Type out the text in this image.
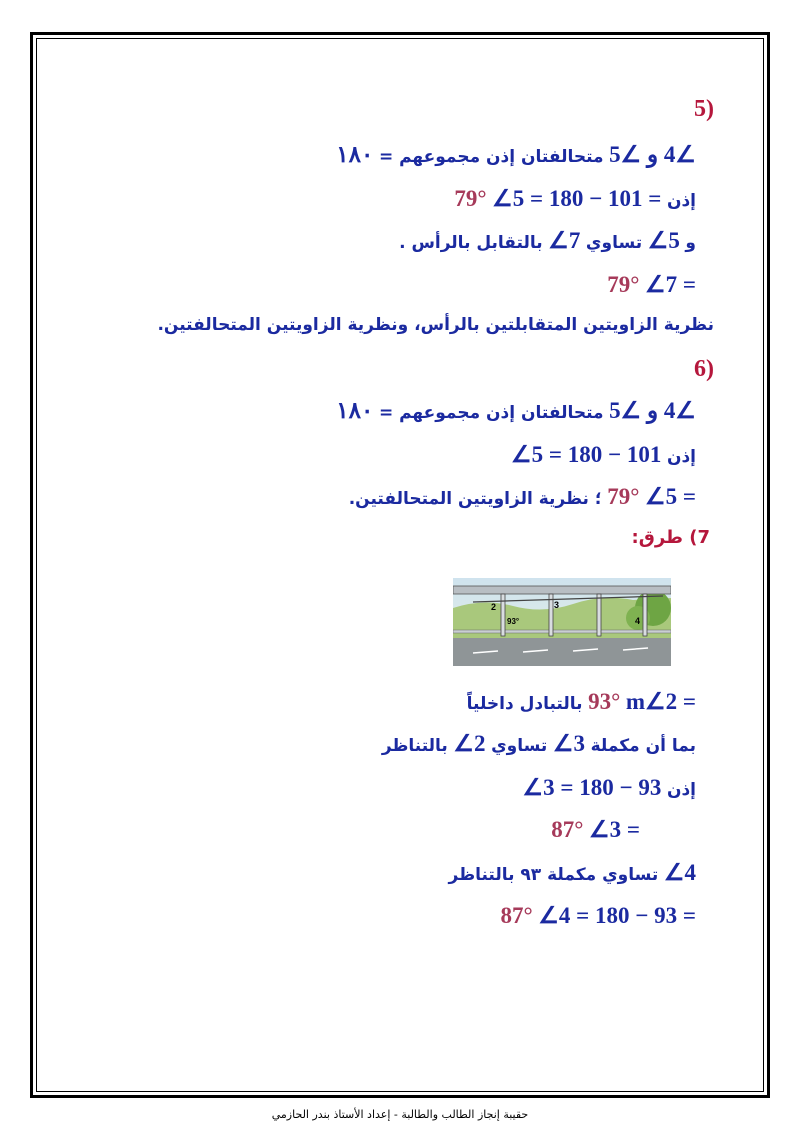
(5
∠4 و ∠5 متحالفتان إذن مجموعهم = ١٨٠
إذن ∠5 = 180 − 101 = 79°
و ∠5 تساوي ∠7 بالتقابل بالرأس .
∠7 = 79°
نظرية الزاويتين المتقابلتين بالرأس، ونظرية الزاويتين المتحالفتين.
(6
∠4 و ∠5 متحالفتان إذن مجموعهم = ١٨٠
إذن ∠5 = 180 − 101
∠5 = 79° ؛ نظرية الزاويتين المتحالفتين.
7) طرق:
2	3
4
93°
m∠2 = 93° بالتبادل داخلياً
بما أن مكملة ∠3 تساوي ∠2 بالتناظر
إذن ∠3 = 180 − 93
∠3 = 87°
∠4 تساوي مكملة ٩٣ بالتناظر
∠4 = 180 − 93 = 87°
حقيبة إنجاز الطالب والطالبة - إعداد الأستاذ بندر الحازمي
